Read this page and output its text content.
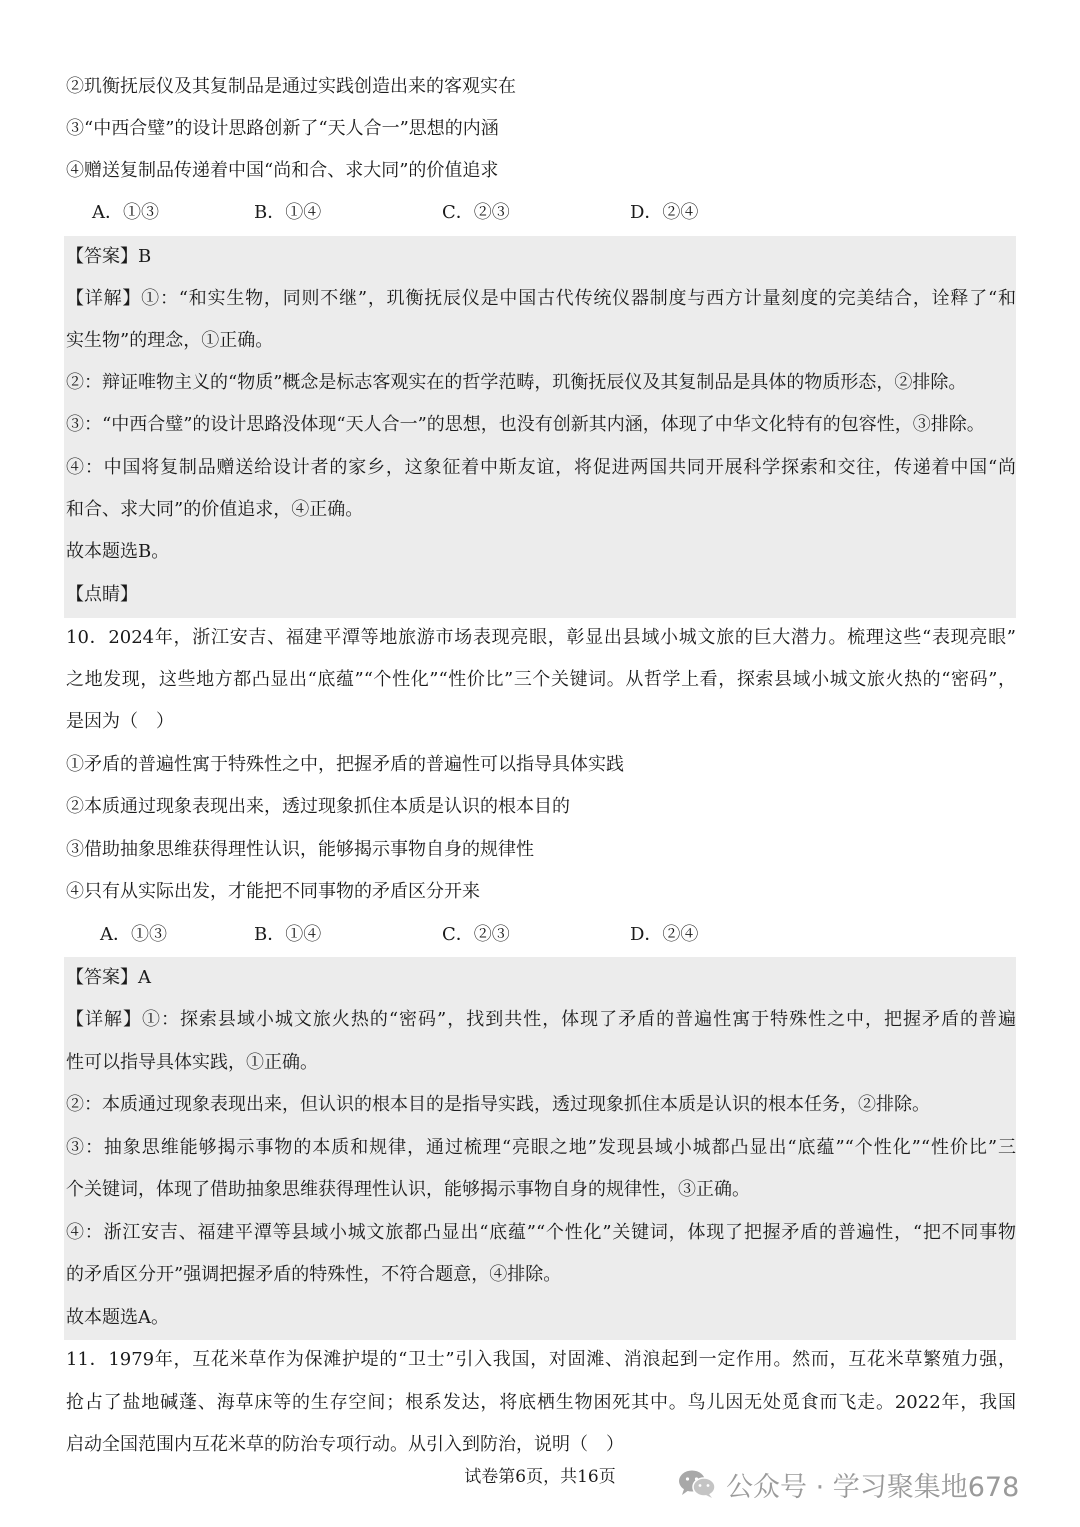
②玑衡抚辰仪及其复制品是通过实践创造出来的客观实在
③“中西合璧”的设计思路创新了“天人合一”思想的内涵
④赠送复制品传递着中国“尚和合、求大同”的价值追求
A．①③	B．①④	C．②③	D．②④
【答案】B
【详解】①：“和实生物，同则不继”，玑衡抚辰仪是中国古代传统仪器制度与西方计量刻度的完美结合，诠释了“和
实生物”的理念，①正确。
②：辩证唯物主义的“物质”概念是标志客观实在的哲学范畴，玑衡抚辰仪及其复制品是具体的物质形态，②排除。
③：“中西合璧”的设计思路没体现“天人合一”的思想，也没有创新其内涵，体现了中华文化特有的包容性，③排除。
④：中国将复制品赠送给设计者的家乡，这象征着中斯友谊，将促进两国共同开展科学探索和交往，传递着中国“尚
和合、求大同”的价值追求，④正确。
故本题选B。
【点睛】
10．2024年，浙江安吉、福建平潭等地旅游市场表现亮眼，彰显出县域小城文旅的巨大潜力。梳理这些“表现亮眼”
之地发现，这些地方都凸显出“底蕴”“个性化”“性价比”三个关键词。从哲学上看，探索县域小城文旅火热的“密码”，
是因为（　）
①矛盾的普遍性寓于特殊性之中，把握矛盾的普遍性可以指导具体实践
②本质通过现象表现出来，透过现象抓住本质是认识的根本目的
③借助抽象思维获得理性认识，能够揭示事物自身的规律性
④只有从实际出发，才能把不同事物的矛盾区分开来
A．①③	B．①④	C．②③	D．②④
【答案】A
【详解】①：探索县域小城文旅火热的“密码”，找到共性，体现了矛盾的普遍性寓于特殊性之中，把握矛盾的普遍
性可以指导具体实践，①正确。
②：本质通过现象表现出来，但认识的根本目的是指导实践，透过现象抓住本质是认识的根本任务，②排除。
③：抽象思维能够揭示事物的本质和规律，通过梳理“亮眼之地”发现县域小城都凸显出“底蕴”“个性化”“性价比”三
个关键词，体现了借助抽象思维获得理性认识，能够揭示事物自身的规律性，③正确。
④：浙江安吉、福建平潭等县域小城文旅都凸显出“底蕴”“个性化”关键词，体现了把握矛盾的普遍性，“把不同事物
的矛盾区分开”强调把握矛盾的特殊性，不符合题意，④排除。
故本题选A。
11．1979年，互花米草作为保滩护堤的“卫士”引入我国，对固滩、消浪起到一定作用。然而，互花米草繁殖力强，
抢占了盐地碱蓬、海草床等的生存空间；根系发达，将底栖生物困死其中。鸟儿因无处觅食而飞走。2022年，我国
启动全国范围内互花米草的防治专项行动。从引入到防治，说明（　）
试卷第6页，共16页	公众号 · 学习聚集地678
